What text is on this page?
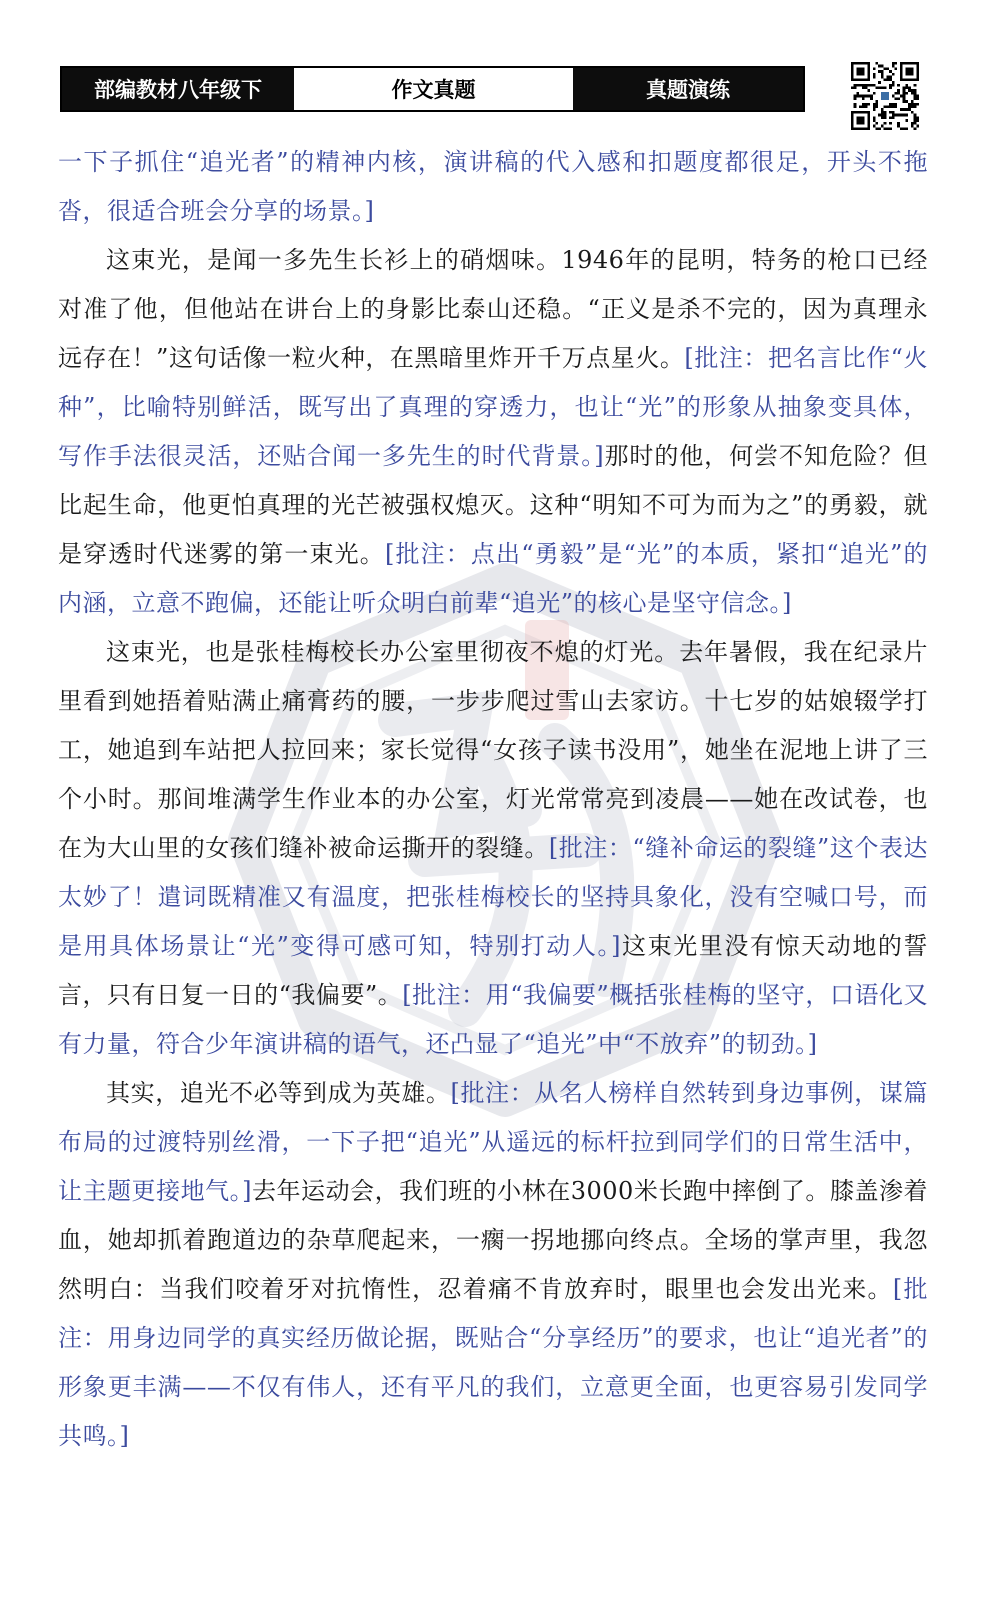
部编教材八年级下	作文真题	真题演练

一下子抓住“追光者”的精神内核，演讲稿的代入感和扣题度都很足，开头不拖沓，很适合班会分享的场景。]

这束光，是闻一多先生长衫上的硝烟味。1946年的昆明，特务的枪口已经对准了他，但他站在讲台上的身影比泰山还稳。“正义是杀不完的，因为真理永远存在！”这句话像一粒火种，在黑暗里炸开千万点星火。[批注：把名言比作“火种”，比喻特别鲜活，既写出了真理的穿透力，也让“光”的形象从抽象变具体，写作手法很灵活，还贴合闻一多先生的时代背景。]那时的他，何尝不知危险？但比起生命，他更怕真理的光芒被强权熄灭。这种“明知不可为而为之”的勇毅，就是穿透时代迷雾的第一束光。[批注：点出“勇毅”是“光”的本质，紧扣“追光”的内涵，立意不跑偏，还能让听众明白前辈“追光”的核心是坚守信念。]

这束光，也是张桂梅校长办公室里彻夜不熄的灯光。去年暑假，我在纪录片里看到她捂着贴满止痛膏药的腰，一步步爬过雪山去家访。十七岁的姑娘辍学打工，她追到车站把人拉回来；家长觉得“女孩子读书没用”，她坐在泥地上讲了三个小时。那间堆满学生作业本的办公室，灯光常常亮到凌晨——她在改试卷，也在为大山里的女孩们缝补被命运撕开的裂缝。[批注：“缝补命运的裂缝”这个表达太妙了！遣词既精准又有温度，把张桂梅校长的坚持具象化，没有空喊口号，而是用具体场景让“光”变得可感可知，特别打动人。]这束光里没有惊天动地的誓言，只有日复一日的“我偏要”。[批注：用“我偏要”概括张桂梅的坚守，口语化又有力量，符合少年演讲稿的语气，还凸显了“追光”中“不放弃”的韧劲。]

其实，追光不必等到成为英雄。[批注：从名人榜样自然转到身边事例，谋篇布局的过渡特别丝滑，一下子把“追光”从遥远的标杆拉到同学们的日常生活中，让主题更接地气。]去年运动会，我们班的小林在3000米长跑中摔倒了。膝盖渗着血，她却抓着跑道边的杂草爬起来，一瘸一拐地挪向终点。全场的掌声里，我忽然明白：当我们咬着牙对抗惰性，忍着痛不肯放弃时，眼里也会发出光来。[批注：用身边同学的真实经历做论据，既贴合“分享经历”的要求，也让“追光者”的形象更丰满——不仅有伟人，还有平凡的我们，立意更全面，也更容易引发同学共鸣。]
